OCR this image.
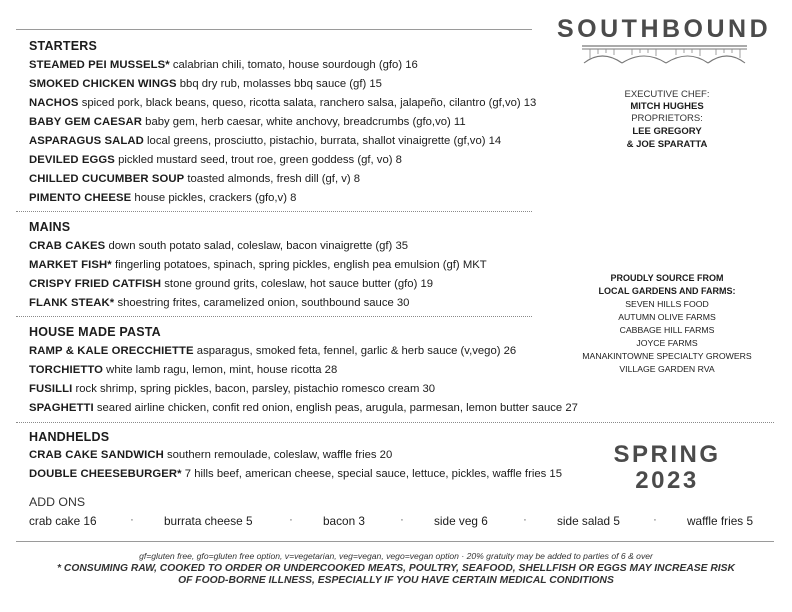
SOUTHBOUND
EXECUTIVE CHEF:
MITCH HUGHES
PROPRIETORS:
LEE GREGORY
& JOE SPARATTA
PROUDLY SOURCE FROM
LOCAL GARDENS AND FARMS:
SEVEN HILLS FOOD
AUTUMN OLIVE FARMS
CABBAGE HILL FARMS
JOYCE FARMS
MANAKINTOWNE SPECIALTY GROWERS
VILLAGE GARDEN RVA
SPRING
2023
STARTERS
STEAMED PEI MUSSELS* calabrian chili, tomato, house sourdough (gfo) 16
SMOKED CHICKEN WINGS bbq dry rub, molasses bbq sauce (gf) 15
NACHOS spiced pork, black beans, queso, ricotta salata, ranchero salsa, jalapeño, cilantro (gf,vo) 13
BABY GEM CAESAR baby gem, herb caesar, white anchovy, breadcrumbs (gfo,vo) 11
ASPARAGUS SALAD local greens, prosciutto, pistachio, burrata, shallot vinaigrette (gf,vo) 14
DEVILED EGGS pickled mustard seed, trout roe, green goddess (gf, vo) 8
CHILLED CUCUMBER SOUP toasted almonds, fresh dill (gf, v) 8
PIMENTO CHEESE house pickles, crackers (gfo,v) 8
MAINS
CRAB CAKES down south potato salad, coleslaw, bacon vinaigrette (gf) 35
MARKET FISH* fingerling potatoes, spinach, spring pickles, english pea emulsion (gf) MKT
CRISPY FRIED CATFISH stone ground grits, coleslaw, hot sauce butter (gfo) 19
FLANK STEAK* shoestring frites, caramelized onion, southbound sauce 30
HOUSE MADE PASTA
RAMP & KALE ORECCHIETTE asparagus, smoked feta, fennel, garlic & herb sauce (v,vego) 26
TORCHIETTO white lamb ragu, lemon, mint, house ricotta 28
FUSILLI rock shrimp, spring pickles, bacon, parsley, pistachio romesco cream 30
SPAGHETTI seared airline chicken, confit red onion, english peas, arugula, parmesan, lemon butter sauce 27
HANDHELDS
CRAB CAKE SANDWICH southern remoulade, coleslaw, waffle fries 20
DOUBLE CHEESEBURGER* 7 hills beef, american cheese, special sauce, lettuce, pickles, waffle fries 15
ADD ONS
crab cake 16	·	burrata cheese 5	·	bacon 3	·	side veg 6	·	side salad 5	·	waffle fries 5
gf=gluten free, gfo=gluten free option, v=vegetarian, veg=vegan, vego=vegan option · 20% gratuity may be added to parties of 6 & over
* CONSUMING RAW, COOKED TO ORDER OR UNDERCOOKED MEATS, POULTRY, SEAFOOD, SHELLFISH OR EGGS MAY INCREASE RISK
OF FOOD-BORNE ILLNESS, ESPECIALLY IF YOU HAVE CERTAIN MEDICAL CONDITIONS
